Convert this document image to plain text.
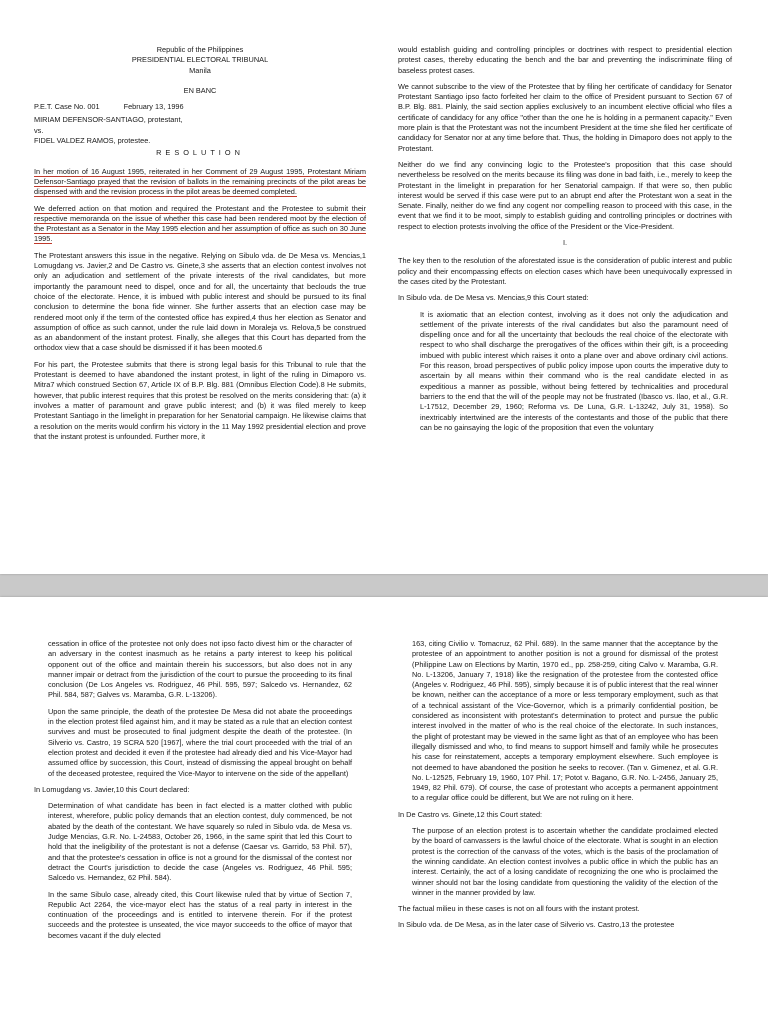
Republic of the Philippines

PRESIDENTIAL ELECTORAL TRIBUNAL

Manila

EN BANC

P.E.T. Case No. 001	February 13, 1996

MIRIAM DEFENSOR-SANTIAGO, protestant,

vs.

FIDEL VALDEZ RAMOS, protestee.

RESOLUTION

In her motion of 16 August 1995, reiterated in her Comment of 29 August 1995, Protestant Miriam Defensor-Santiago prayed that the revision of ballots in the remaining precincts of the pilot areas be dispensed with and the revision process in the pilot areas be deemed completed.

We deferred action on that motion and required the Protestant and the Protestee to submit their respective memoranda on the issue of whether this case had been rendered moot by the election of the Protestant as a Senator in the May 1995 election and her assumption of office as such on 30 June 1995.

The Protestant answers this issue in the negative. Relying on Sibulo vda. de De Mesa vs. Mencias,1 Lomugdang vs. Javier,2 and De Castro vs. Ginete,3 she asserts that an election contest involves not only an adjudication and settlement of the private interests of the rival candidates, but more importantly the paramount need to dispel, once and for all, the uncertainty that beclouds the true choice of the electorate. Hence, it is imbued with public interest and should be pursued to its final conclusion to determine the bona fide winner. She further asserts that an election case may be rendered moot only if the term of the contested office has expired,4 thus her election as Senator and assumption of office as such cannot, under the rule laid down in Moraleja vs. Relova,5 be construed as an abandonment of the instant protest. Finally, she alleges that this Court has departed from the orthodox view that a case should be dismissed if it has been mooted.6

For his part, the Protestee submits that there is strong legal basis for this Tribunal to rule that the Protestant is deemed to have abandoned the instant protest, in light of the ruling in Dimaporo vs. Mitra7 which construed Section 67, Article IX of B.P. Blg. 881 (Omnibus Election Code).8 He submits, however, that public interest requires that this protest be resolved on the merits considering that: (a) it involves a matter of paramount and grave public interest; and (b) it was filed merely to keep Protestant Santiago in the limelight in preparation for her Senatorial campaign. He likewise claims that a resolution on the merits would confirm his victory in the 11 May 1992 presidential election and prove that the instant protest is unfounded. Further more, it

would establish guiding and controlling principles or doctrines with respect to presidential election protest cases, thereby educating the bench and the bar and preventing the indiscriminate filing of baseless protest cases.

We cannot subscribe to the view of the Protestee that by filing her certificate of candidacy for Senator Protestant Santiago ipso facto forfeited her claim to the office of President pursuant to Section 67 of B.P. Blg. 881. Plainly, the said section applies exclusively to an incumbent elective official who files a certificate of candidacy for any office "other than the one he is holding in a permanent capacity." Even more plain is that the Protestant was not the incumbent President at the time she filed her certificate of candidacy for Senator nor at any time before that. Thus, the holding in Dimaporo does not apply to the Protestant.

Neither do we find any convincing logic to the Protestee's proposition that this case should nevertheless be resolved on the merits because its filing was done in bad faith, i.e., merely to keep the Protestant in the limelight in preparation for her Senatorial campaign. If that were so, then public interest would be served if this case were put to an abrupt end after the Protestant won a seat in the Senate. Finally, neither do we find any cogent nor compelling reason to proceed with this case, in the event that we find it to be moot, simply to establish guiding and controlling principles or doctrines with respect to election protests involving the office of the President or the Vice-President.

I.

The key then to the resolution of the aforestated issue is the consideration of public interest and public policy and their encompassing effects on election cases which have been unequivocally expressed in the cases cited by the Protestant.

In Sibulo vda. de De Mesa vs. Mencias,9 this Court stated:

It is axiomatic that an election contest, involving as it does not only the adjudication and settlement of the private interests of the rival candidates but also the paramount need of dispelling once and for all the uncertainty that beclouds the real choice of the electorate with respect to who shall discharge the prerogatives of the offices within their gift, is a proceeding imbued with public interest which raises it onto a plane over and above ordinary civil actions. For this reason, broad perspectives of public policy impose upon courts the imperative duty to ascertain by all means within their command who is the real candidate elected in as expeditious a manner as possible, without being fettered by technicalities and procedural barriers to the end that the will of the people may not be frustrated (Ibasco vs. Ilao, et al., G.R. L-17512, December 29, 1960; Reforma vs. De Luna, G.R. L-13242, July 31, 1958). So inextricably intertwined are the interests of the contestants and those of the public that there can be no gainsaying the logic of the proposition that even the voluntary

cessation in office of the protestee not only does not ipso facto divest him or the character of an adversary in the contest inasmuch as he retains a party interest to keep his political opponent out of the office and maintain therein his successors, but also does not in any manner impair or detract from the jurisdiction of the court to pursue the proceeding to its final conclusion (De Los Angeles vs. Rodriguez, 46 Phil. 595, 597; Salcedo vs. Hernandez, 62 Phil. 584, 587; Galves vs. Maramba, G.R. L-13206).

Upon the same principle, the death of the protestee De Mesa did not abate the proceedings in the election protest filed against him, and it may be stated as a rule that an election contest survives and must be prosecuted to final judgment despite the death of the protestee. (In Silverio vs. Castro, 19 SCRA 520 [1967], where the trial court proceeded with the trial of an election protest and decided it even if the protestee had already died and his Vice-Mayor had assumed office by succession, this Court, instead of dismissing the appeal brought on behalf of the deceased protestee, required the Vice-Mayor to intervene on the side of the appellant)

In Lomugdang vs. Javier,10 this Court declared:

Determination of what candidate has been in fact elected is a matter clothed with public interest, wherefore, public policy demands that an election contest, duly commenced, be not abated by the death of the contestant. We have squarely so ruled in Sibulo vda. de Mesa vs. Judge Mencias, G.R. No. L-24583, October 26, 1966, in the same spirit that led this Court to hold that the ineligibility of the protestant is not a defense (Caesar vs. Garrido, 53 Phil. 57), and that the protestee's cessation in office is not a ground for the dismissal of the contest nor detract the Court's jurisdiction to decide the case (Angeles vs. Rodriguez, 46 Phil. 595; Salcedo vs. Hernandez, 62 Phil. 584).

In the same Sibulo case, already cited, this Court likewise ruled that by virtue of Section 7, Republic Act 2264, the vice-mayor elect has the status of a real party in interest in the continuation of the proceedings and is entitled to intervene therein. For if the protest succeeds and the protestee is unseated, the vice mayor succeeds to the office of mayor that becomes vacant if the duly elected

163, citing Civilio v. Tomacruz, 62 Phil. 689). In the same manner that the acceptance by the protestee of an appointment to another position is not a ground for dismissal of the protest (Philippine Law on Elections by Martin, 1970 ed., pp. 258-259, citing Calvo v. Maramba, G.R. No. L-13206, January 7, 1918) like the resignation of the protestee from the contested office (Angeles v. Rodriguez, 46 Phil. 595), simply because it is of public interest that the real winner be known, neither can the acceptance of a more or less temporary employment, such as that of a technical assistant of the Vice-Governor, which is a primarily confidential position, be considered as inconsistent with protestant's determination to protect and pursue the public interest involved in the matter of who is the real choice of the electorate. In such instances, the plight of protestant may be viewed in the same light as that of an employee who has been illegally dismissed and who, to find means to support himself and family while he prosecutes his case for reinstatement, accepts a temporary employment elsewhere. Such employee is not deemed to have abandoned the position he seeks to recover. (Tan v. Gimenez, et al. G.R. No. L-12525, February 19, 1960, 107 Phil. 17; Potot v. Bagano, G.R. No. L-2456, January 25, 1949, 82 Phil. 679). Of course, the case of protestant who accepts a permanent appointment to a regular office could be different, but We are not ruling on it here.

In De Castro vs. Ginete,12 this Court stated:

The purpose of an election protest is to ascertain whether the candidate proclaimed elected by the board of canvassers is the lawful choice of the electorate. What is sought in an election protest is the correction of the canvass of the votes, which is the basis of the proclamation of the winning candidate. An election contest involves a public office in which the public has an interest. Certainly, the act of a losing candidate of recognizing the one who is proclaimed the winner should not bar the losing candidate from questioning the validity of the election of the winner in the manner provided by law.

The factual milieu in these cases is not on all fours with the instant protest.

In Sibulo vda. de De Mesa, as in the later case of Silverio vs. Castro,13 the protestee
